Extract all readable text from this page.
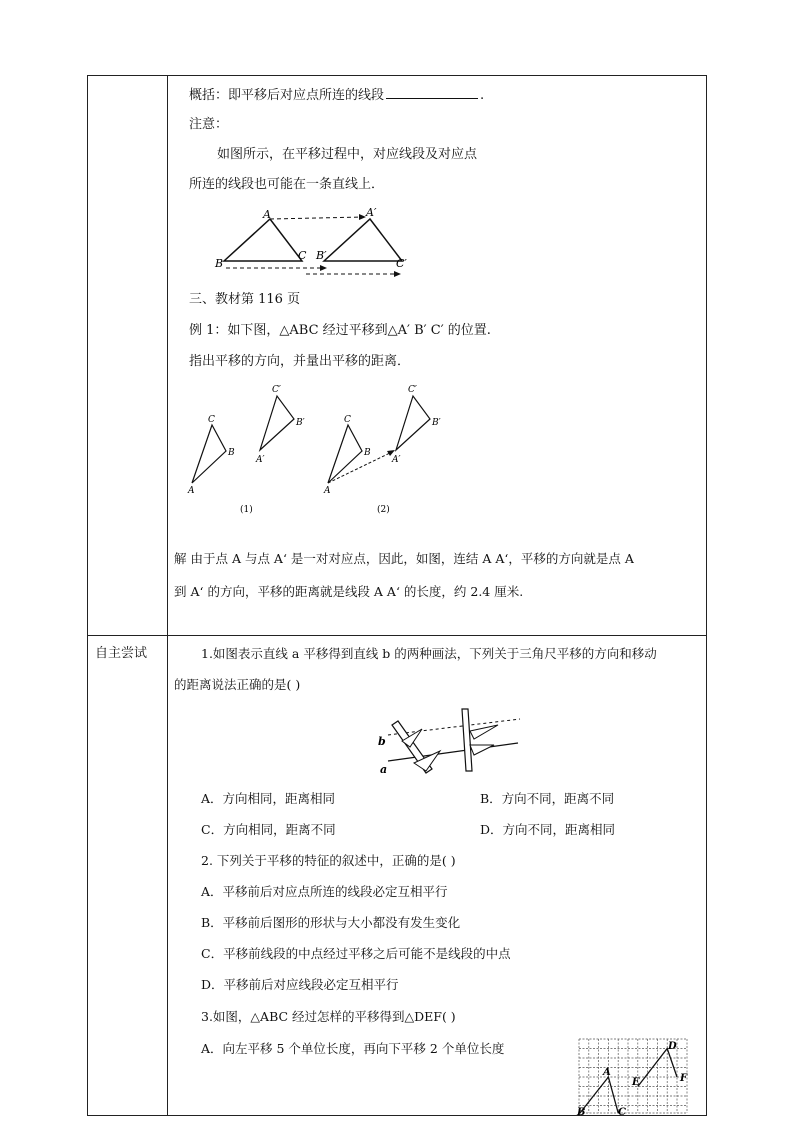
概括：即平移后对应点所连的线段	.
注意：
如图所示，在平移过程中，对应线段及对应点
所连的线段也可能在一条直线上．
A
B
C
A′
B′
C′
三、教材第 116 页
例 1：如下图，△ABC 经过平移到△A′ B′ C′ 的位置.
指出平移的方向，并量出平移的距离．
A
B
C
A′
B′
C′
(1)
A
B
C
A′
B′
C′
(2)
解 由于点 A 与点 A‘ 是一对对应点，因此，如图，连结 A A‘，平移的方向就是点 A
到 A‘ 的方向，平移的距离就是线段 A A‘ 的长度，约 2.4 厘米.
自主尝试	1.如图表示直线 a 平移得到直线 b 的两种画法，下列关于三角尺平移的方向和移动
的距离说法正确的是( )
b
a
A．方向相同，距离相同	B．方向不同，距离不同
C．方向相同，距离不同	D．方向不同，距离相同
2. 下列关于平移的特征的叙述中，正确的是( )
A．平移前后对应点所连的线段必定互相平行
B．平移前后图形的形状与大小都没有发生变化
C．平移前线段的中点经过平移之后可能不是线段的中点
D．平移前后对应线段必定互相平行
3.如图，△ABC 经过怎样的平移得到△DEF( )
A．向左平移 5 个单位长度，再向下平移 2 个单位长度
A
B	C
D
E	F
